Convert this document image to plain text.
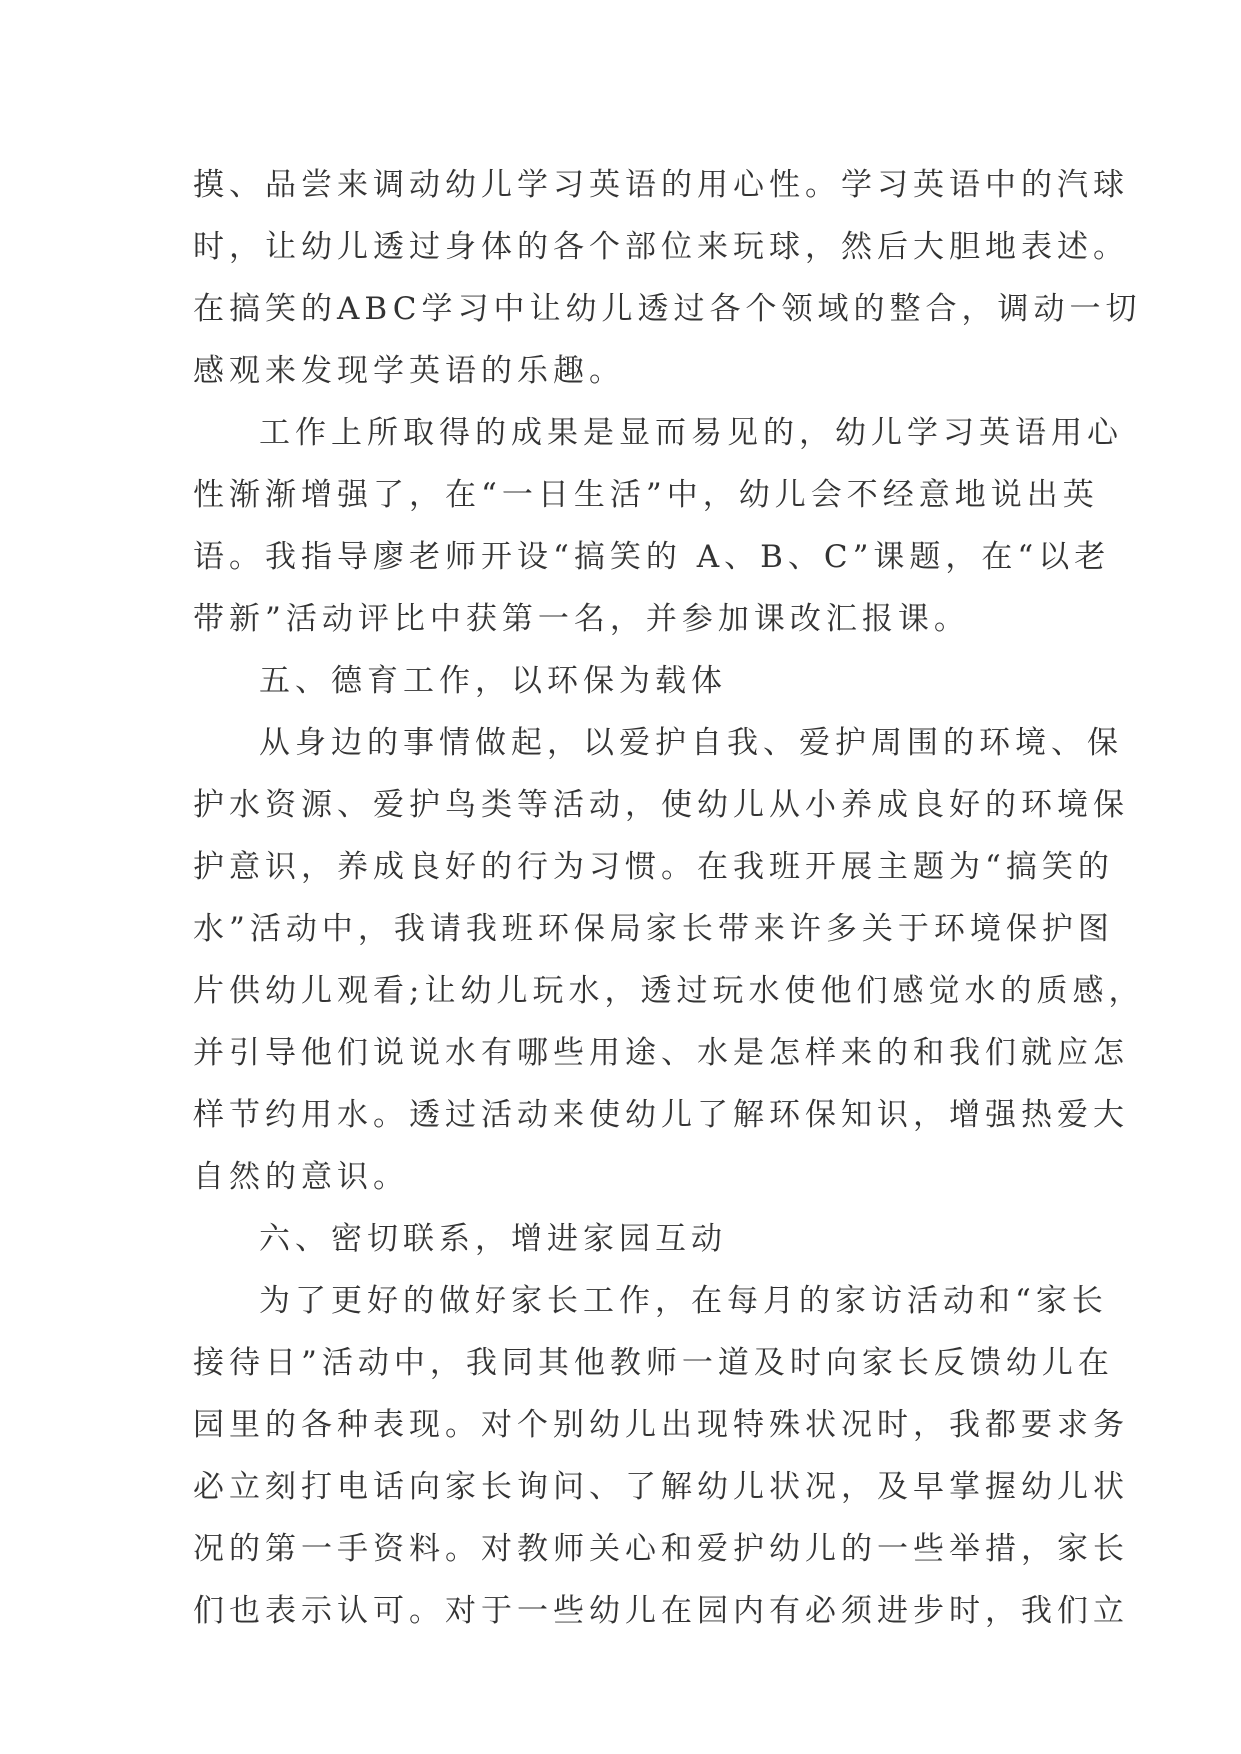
摸、品尝来调动幼儿学习英语的用心性。学习英语中的汽球
时，让幼儿透过身体的各个部位来玩球，然后大胆地表述。
在搞笑的ABC学习中让幼儿透过各个领域的整合，调动一切
感观来发现学英语的乐趣。
工作上所取得的成果是显而易见的，幼儿学习英语用心
性渐渐增强了，在“一日生活”中，幼儿会不经意地说出英
语。我指导廖老师开设“搞笑的 A、B、C”课题，在“以老
带新”活动评比中获第一名，并参加课改汇报课。
五、德育工作，以环保为载体
从身边的事情做起，以爱护自我、爱护周围的环境、保
护水资源、爱护鸟类等活动，使幼儿从小养成良好的环境保
护意识，养成良好的行为习惯。在我班开展主题为“搞笑的
水”活动中，我请我班环保局家长带来许多关于环境保护图
片供幼儿观看;让幼儿玩水，透过玩水使他们感觉水的质感，
并引导他们说说水有哪些用途、水是怎样来的和我们就应怎
样节约用水。透过活动来使幼儿了解环保知识，增强热爱大
自然的意识。
六、密切联系，增进家园互动
为了更好的做好家长工作，在每月的家访活动和“家长
接待日”活动中，我同其他教师一道及时向家长反馈幼儿在
园里的各种表现。对个别幼儿出现特殊状况时，我都要求务
必立刻打电话向家长询问、了解幼儿状况，及早掌握幼儿状
况的第一手资料。对教师关心和爱护幼儿的一些举措，家长
们也表示认可。对于一些幼儿在园内有必须进步时，我们立
